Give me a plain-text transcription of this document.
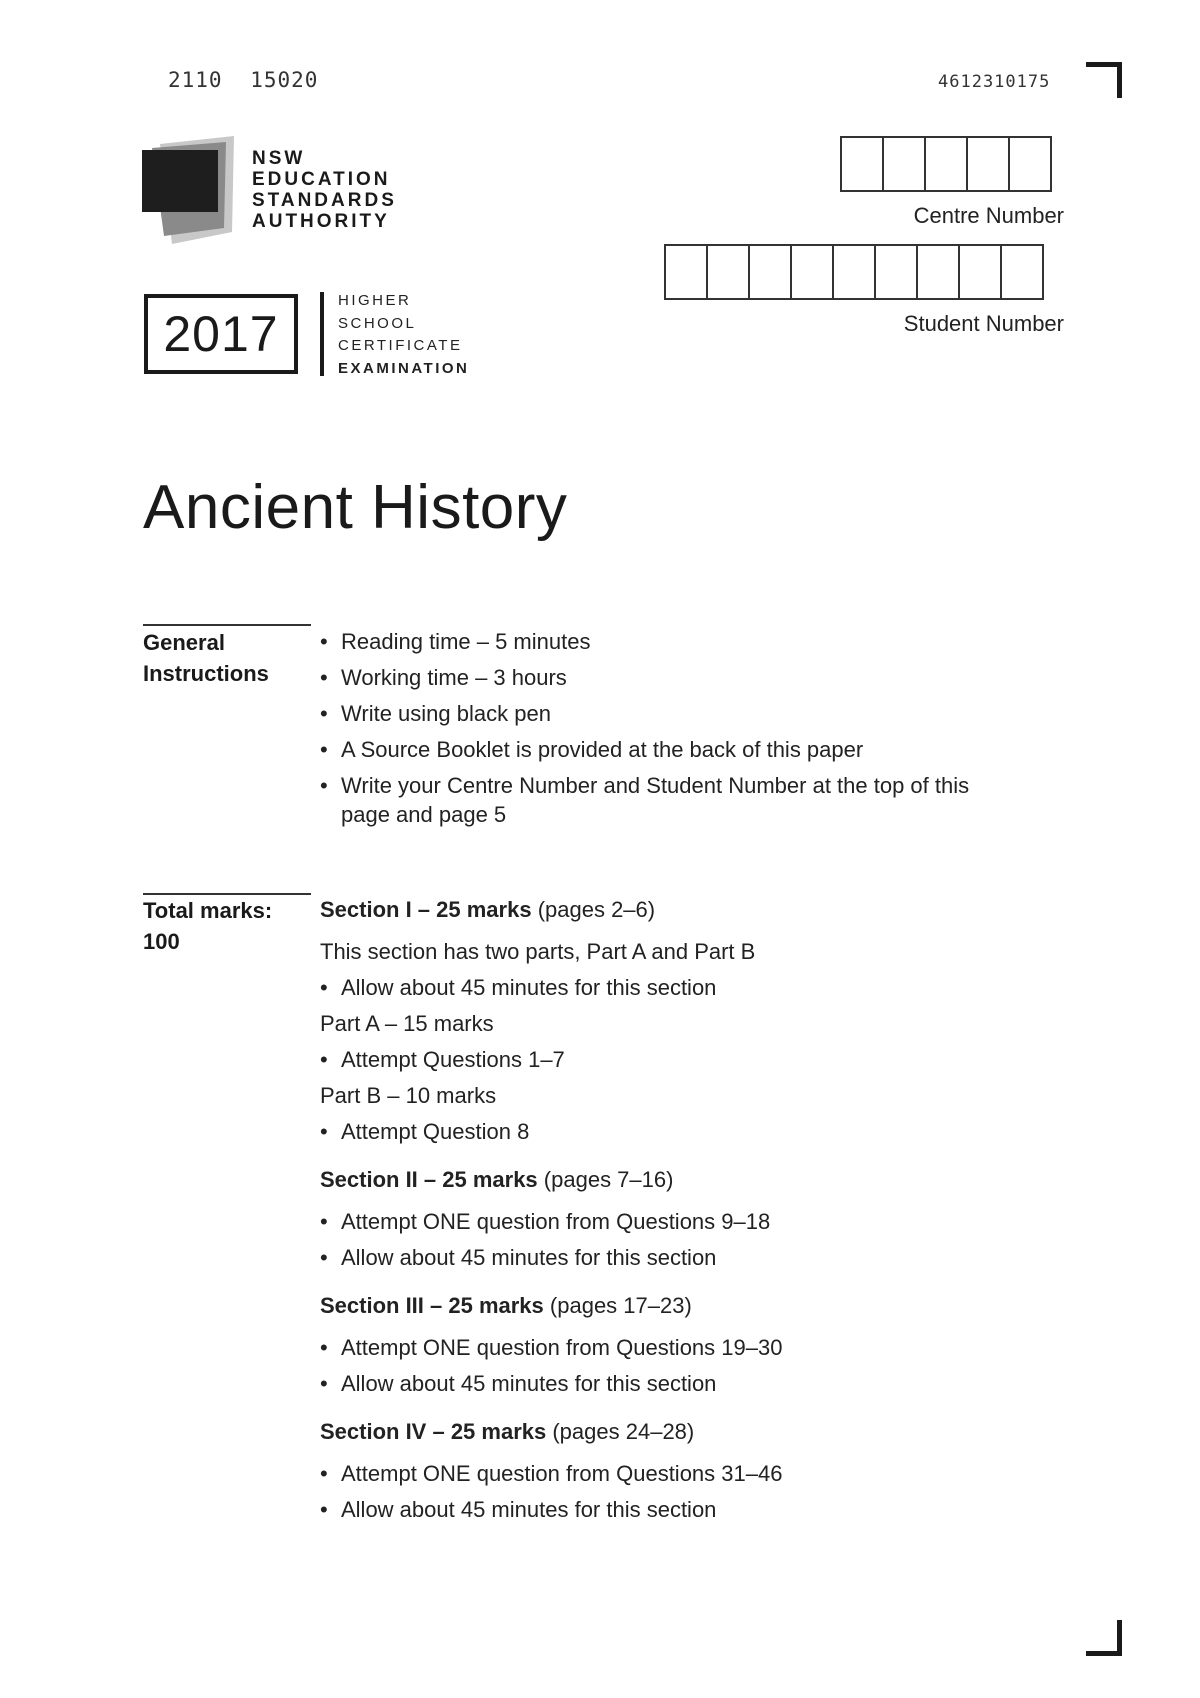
2110 15020	4612310175
NSW
EDUCATION
STANDARDS
AUTHORITY
2017
HIGHER
SCHOOL
CERTIFICATE
EXAMINATION
Centre Number
Student Number
Ancient History
General
Instructions
• Reading time – 5 minutes
• Working time – 3 hours
• Write using black pen
• A Source Booklet is provided at the back of this paper
• Write your Centre Number and Student Number at the top of this page and page 5
Total marks:
100
Section I – 25 marks (pages 2–6)
This section has two parts, Part A and Part B
• Allow about 45 minutes for this section
Part A – 15 marks
• Attempt Questions 1–7
Part B – 10 marks
• Attempt Question 8
Section II – 25 marks (pages 7–16)
• Attempt ONE question from Questions 9–18
• Allow about 45 minutes for this section
Section III – 25 marks (pages 17–23)
• Attempt ONE question from Questions 19–30
• Allow about 45 minutes for this section
Section IV – 25 marks (pages 24–28)
• Attempt ONE question from Questions 31–46
• Allow about 45 minutes for this section
